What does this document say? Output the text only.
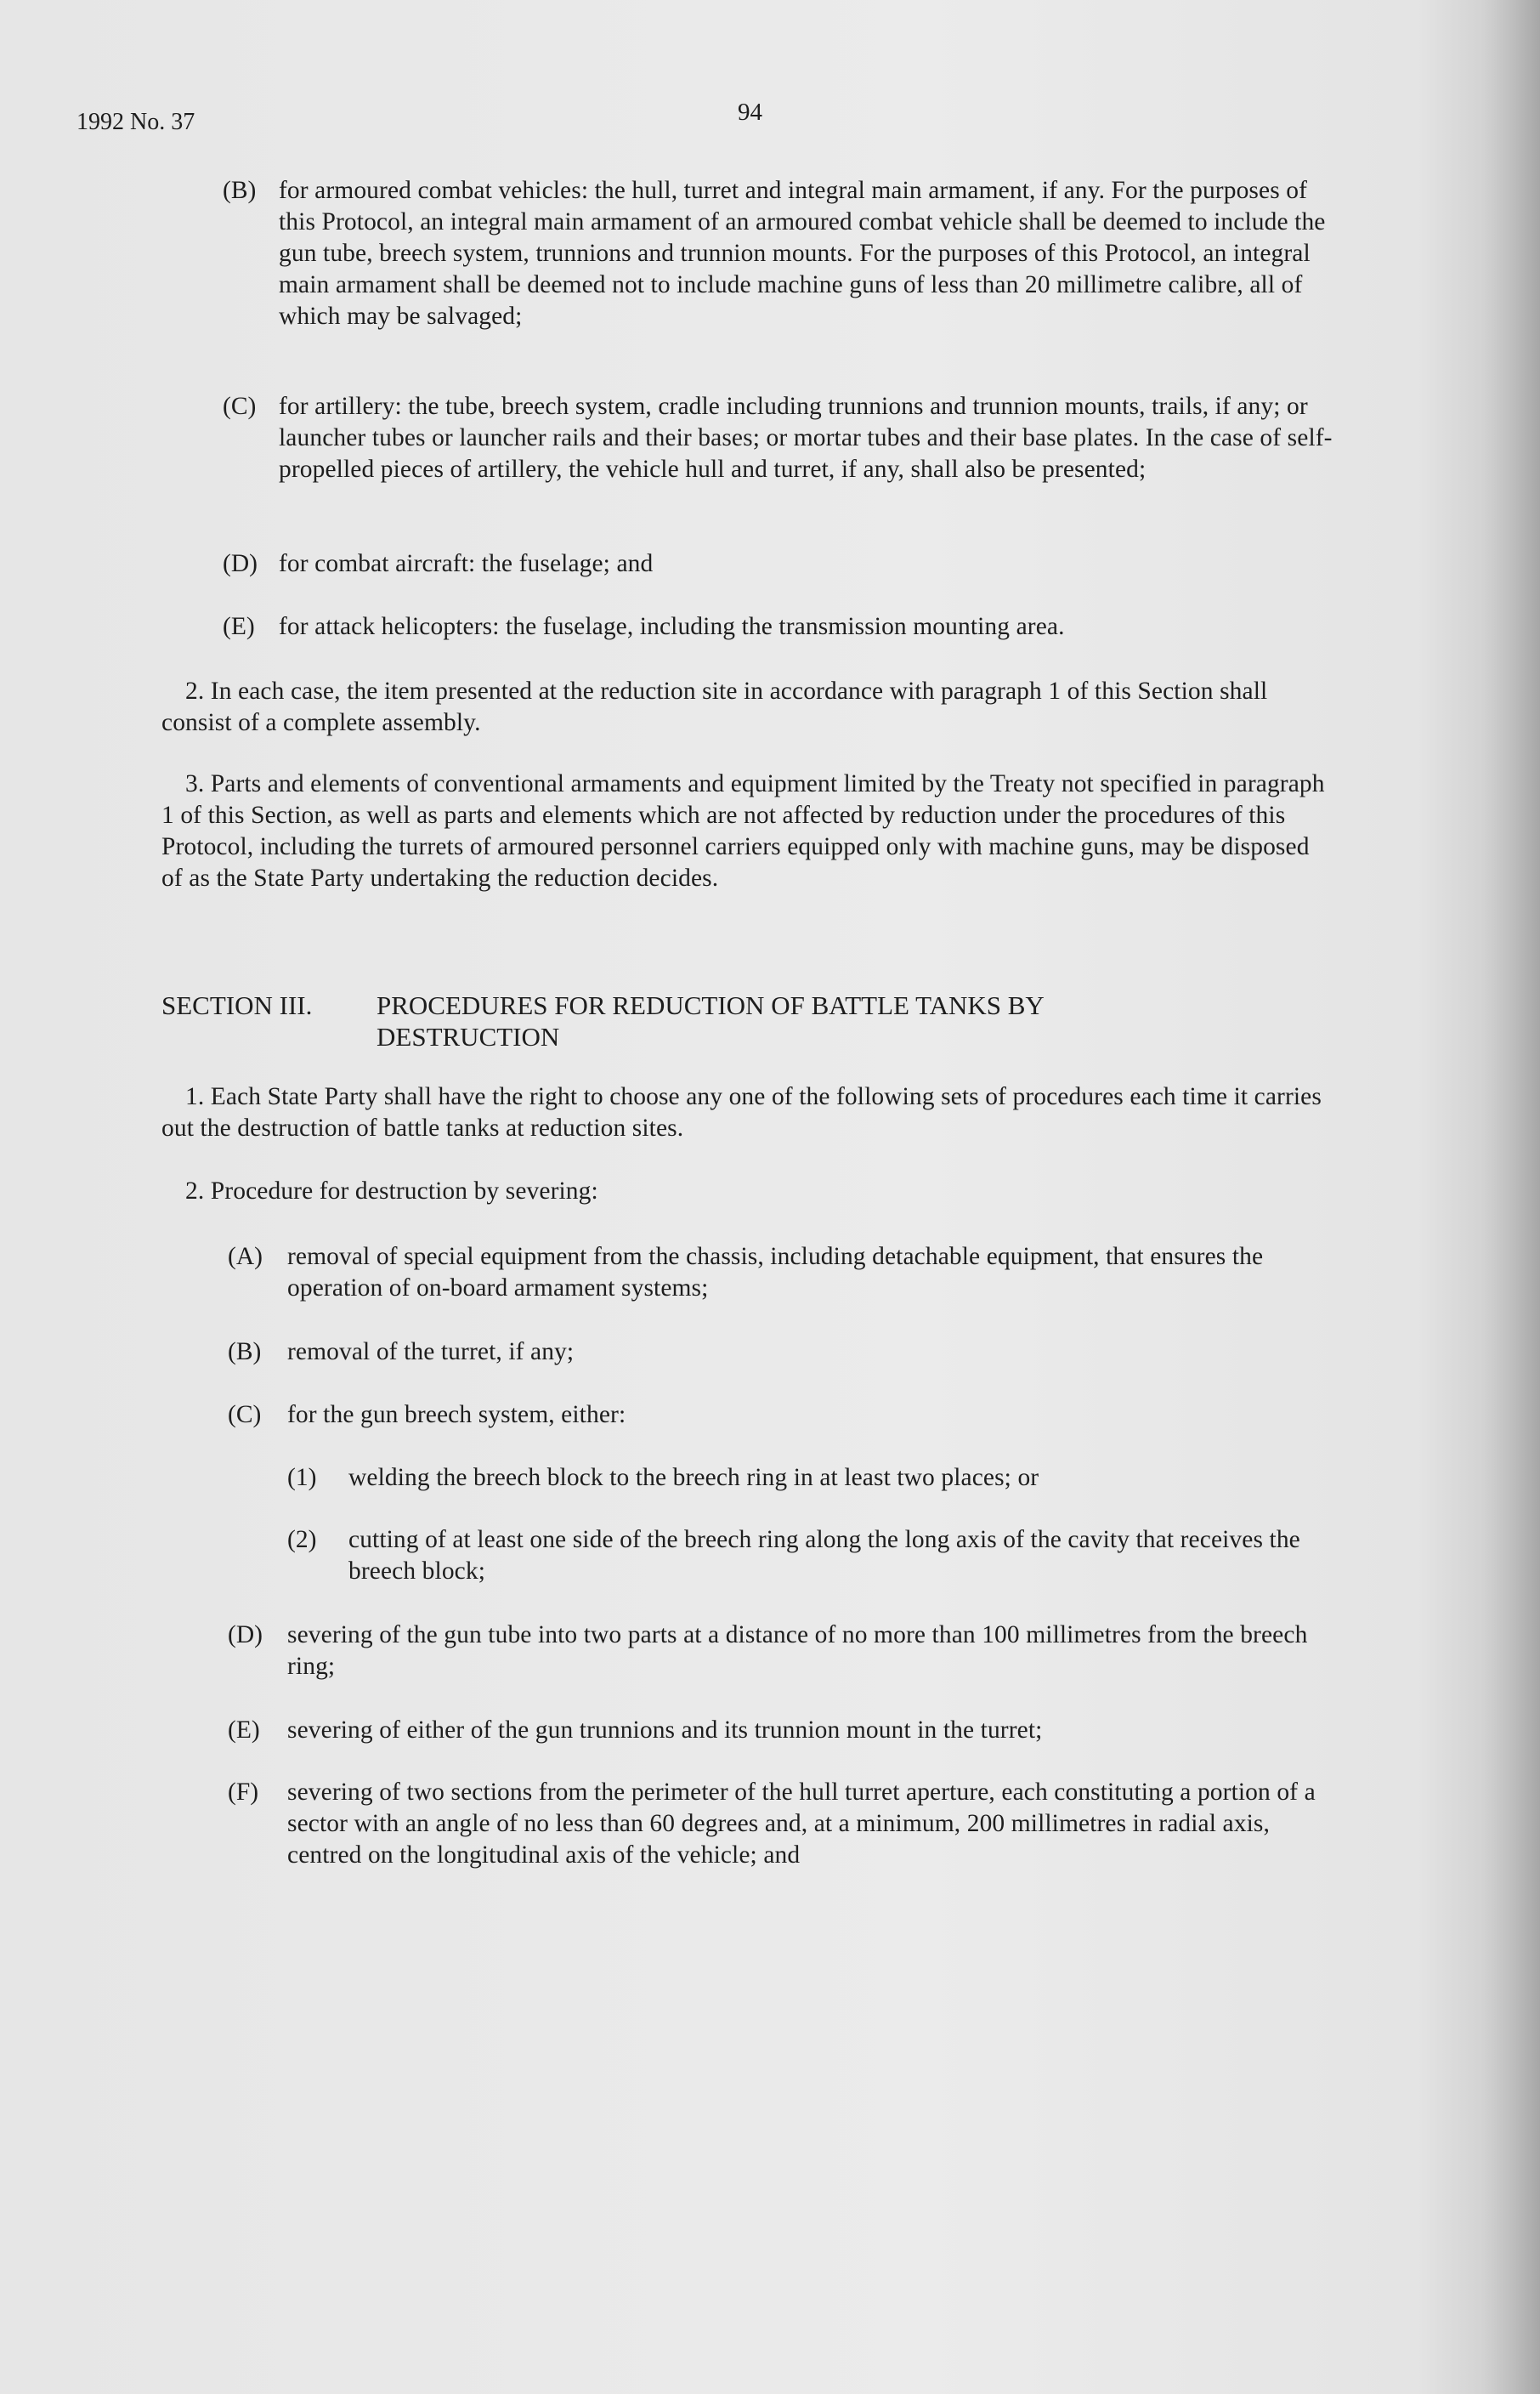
1992 No. 37	94
(B) for armoured combat vehicles: the hull, turret and integral main armament, if any. For the purposes of this Protocol, an integral main armament of an armoured combat vehicle shall be deemed to include the gun tube, breech system, trunnions and trunnion mounts. For the purposes of this Protocol, an integral main armament shall be deemed not to include machine guns of less than 20 millimetre calibre, all of which may be salvaged;

(C) for artillery: the tube, breech system, cradle including trunnions and trunnion mounts, trails, if any; or launcher tubes or launcher rails and their bases; or mortar tubes and their base plates. In the case of self-propelled pieces of artillery, the vehicle hull and turret, if any, shall also be presented;

(D) for combat aircraft: the fuselage; and

(E) for attack helicopters: the fuselage, including the transmission mounting area.

2. In each case, the item presented at the reduction site in accordance with paragraph 1 of this Section shall consist of a complete assembly.

3. Parts and elements of conventional armaments and equipment limited by the Treaty not specified in paragraph 1 of this Section, as well as parts and elements which are not affected by reduction under the procedures of this Protocol, including the turrets of armoured personnel carriers equipped only with machine guns, may be disposed of as the State Party undertaking the reduction decides.

SECTION III. PROCEDURES FOR REDUCTION OF BATTLE TANKS BY DESTRUCTION

1. Each State Party shall have the right to choose any one of the following sets of procedures each time it carries out the destruction of battle tanks at reduction sites.

2. Procedure for destruction by severing:

(A) removal of special equipment from the chassis, including detachable equipment, that ensures the operation of on-board armament systems;

(B) removal of the turret, if any;

(C) for the gun breech system, either:

(1) welding the breech block to the breech ring in at least two places; or

(2) cutting of at least one side of the breech ring along the long axis of the cavity that receives the breech block;

(D) severing of the gun tube into two parts at a distance of no more than 100 millimetres from the breech ring;

(E) severing of either of the gun trunnions and its trunnion mount in the turret;

(F) severing of two sections from the perimeter of the hull turret aperture, each constituting a portion of a sector with an angle of no less than 60 degrees and, at a minimum, 200 millimetres in radial axis, centred on the longitudinal axis of the vehicle; and
